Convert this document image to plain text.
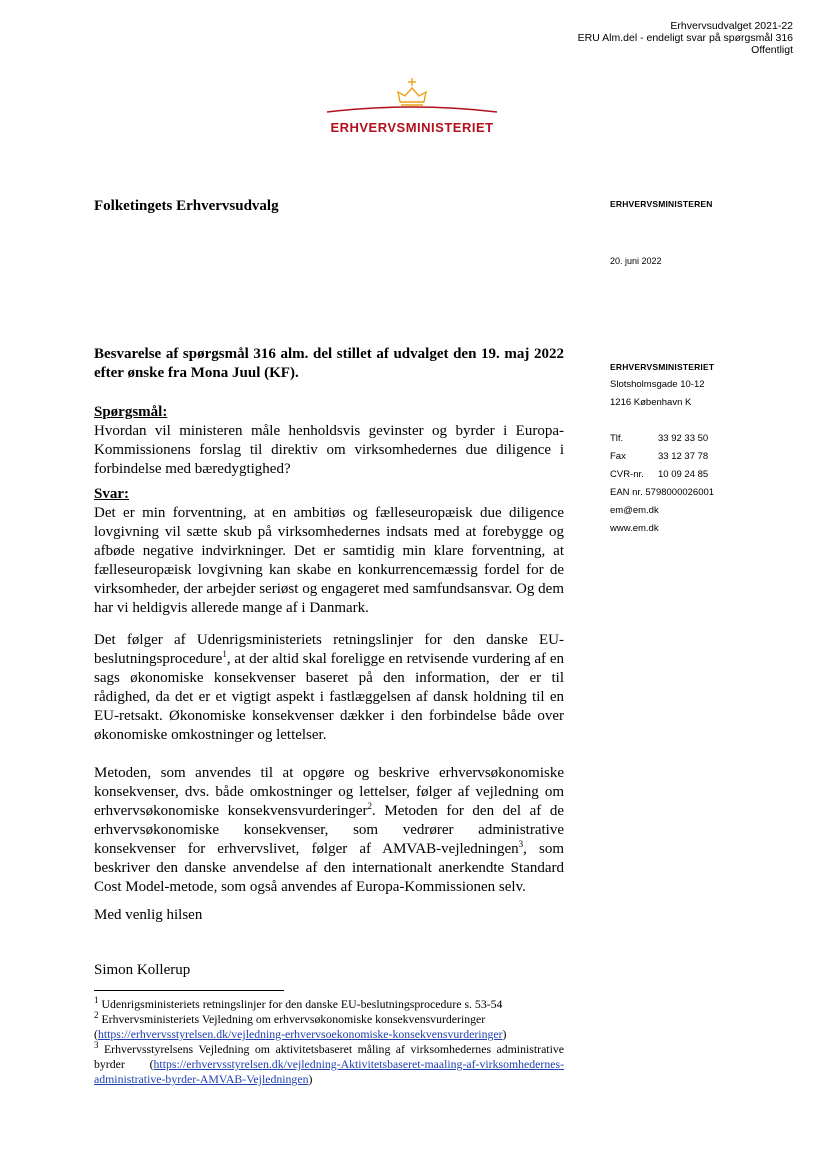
Erhvervsudvalget 2021-22
ERU Alm.del - endeligt svar på spørgsmål 316
Offentligt
ERHVERVSMINISTERIET
Folketingets Erhvervsudvalg	ERHVERVSMINISTEREN
20. juni 2022
ERHVERVSMINISTERIET
Slotsholmsgade 10-12
1216 København K
Tlf.	33 92 33 50
Fax	33 12 37 78
CVR-nr.	10 09 24 85
EAN nr. 5798000026001
em@em.dk
www.em.dk

Besvarelse af spørgsmål 316 alm. del stillet af udvalget den 19. maj 2022 efter ønske fra Mona Juul (KF).

Spørgsmål:

Hvordan vil ministeren måle henholdsvis gevinster og byrder i Europa-Kommissionens forslag til direktiv om virksomhedernes due diligence i forbindelse med bæredygtighed?

Svar:

Det er min forventning, at en ambitiøs og fælleseuropæisk due diligence lovgivning vil sætte skub på virksomhedernes indsats med at forebygge og afbøde negative indvirkninger. Det er samtidig min klare forventning, at fælleseuropæisk lovgivning kan skabe en konkurrencemæssig fordel for de virksomheder, der arbejder seriøst og engageret med samfundsansvar. Og dem har vi heldigvis allerede mange af i Danmark.

Det følger af Udenrigsministeriets retningslinjer for den danske EU-beslutningsprocedure$^1$, at der altid skal foreligge en retvisende vurdering af en sags økonomiske konsekvenser baseret på den information, der er til rådighed, da det er et vigtigt aspekt i fastlæggelsen af dansk holdning til en EU-retsakt. Økonomiske konsekvenser dækker i den forbindelse både over økonomiske omkostninger og lettelser.

Metoden, som anvendes til at opgøre og beskrive erhvervsøkonomiske konsekvenser, dvs. både omkostninger og lettelser, følger af vejledning om erhvervsøkonomiske konsekvensvurderinger$^2$. Metoden for den del af de erhvervsøkonomiske konsekvenser, som vedrører administrative konsekvenser for erhvervslivet, følger af AMVAB-vejledningen$^3$, som beskriver den danske anvendelse af den internationalt anerkendte Standard Cost Model-metode, som også anvendes af Europa-Kommissionen selv.

Med venlig hilsen
Simon Kollerup

$^1$ Udenrigsministeriets retningslinjer for den danske EU-beslutningsprocedure s. 53-54

$^2$ Erhvervsministeriets Vejledning om erhvervsøkonomiske konsekvensvurderinger
(https://erhvervsstyrelsen.dk/vejledning-erhvervsoekonomiske-konsekvensvurderinger)

$^3$ Erhvervsstyrelsens Vejledning om aktivitetsbaseret måling af virksomhedernes administrative byrder (https://erhvervsstyrelsen.dk/vejledning-Aktivitetsbaseret-maaling-af-virksomhedernes-administrative-byrder-AMVAB-Vejledningen)
